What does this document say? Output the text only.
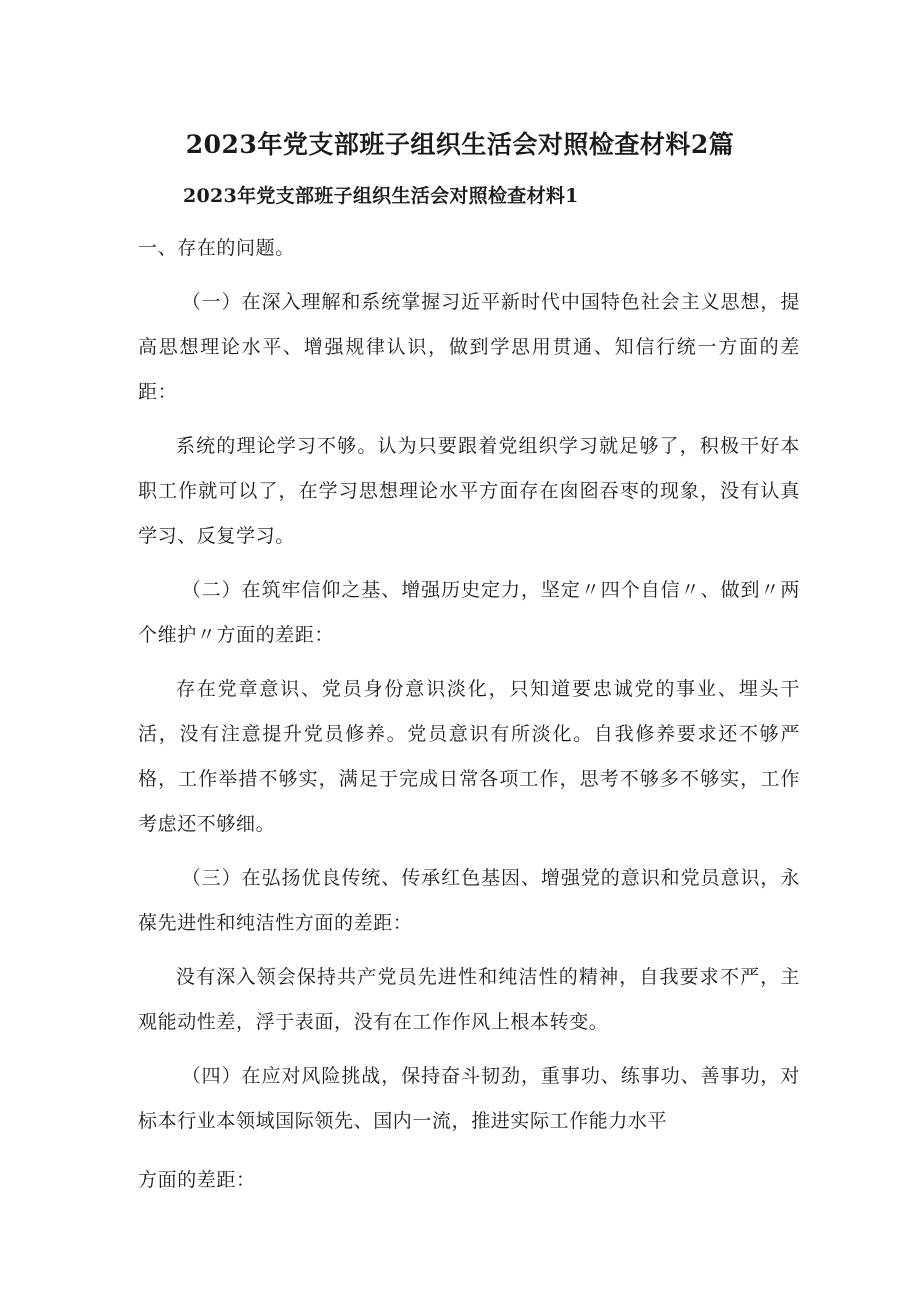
2023年党支部班子组织生活会对照检查材料2篇
2023年党支部班子组织生活会对照检查材料1

一、存在的问题。

（一）在深入理解和系统掌握习近平新时代中国特色社会主义思想，提高思想理论水平、增强规律认识，做到学思用贯通、知信行统一方面的差距：

系统的理论学习不够。认为只要跟着党组织学习就足够了，积极干好本职工作就可以了，在学习思想理论水平方面存在囱囵吞枣的现象，没有认真学习、反复学习。

（二）在筑牢信仰之基、增强历史定力，坚定〃四个自信〃、做到〃两个维护〃方面的差距：

存在党章意识、党员身份意识淡化，只知道要忠诚党的事业、埋头干活，没有注意提升党员修养。党员意识有所淡化。自我修养要求还不够严格，工作举措不够实，满足于完成日常各项工作，思考不够多不够实，工作考虑还不够细。

（三）在弘扬优良传统、传承红色基因、增强党的意识和党员意识，永葆先进性和纯洁性方面的差距：

没有深入领会保持共产党员先进性和纯洁性的精神，自我要求不严，主观能动性差，浮于表面，没有在工作作风上根本转变。

（四）在应对风险挑战，保持奋斗韧劲，重事功、练事功、善事功，对标本行业本领域国际领先、国内一流，推进实际工作能力水平

方面的差距：
